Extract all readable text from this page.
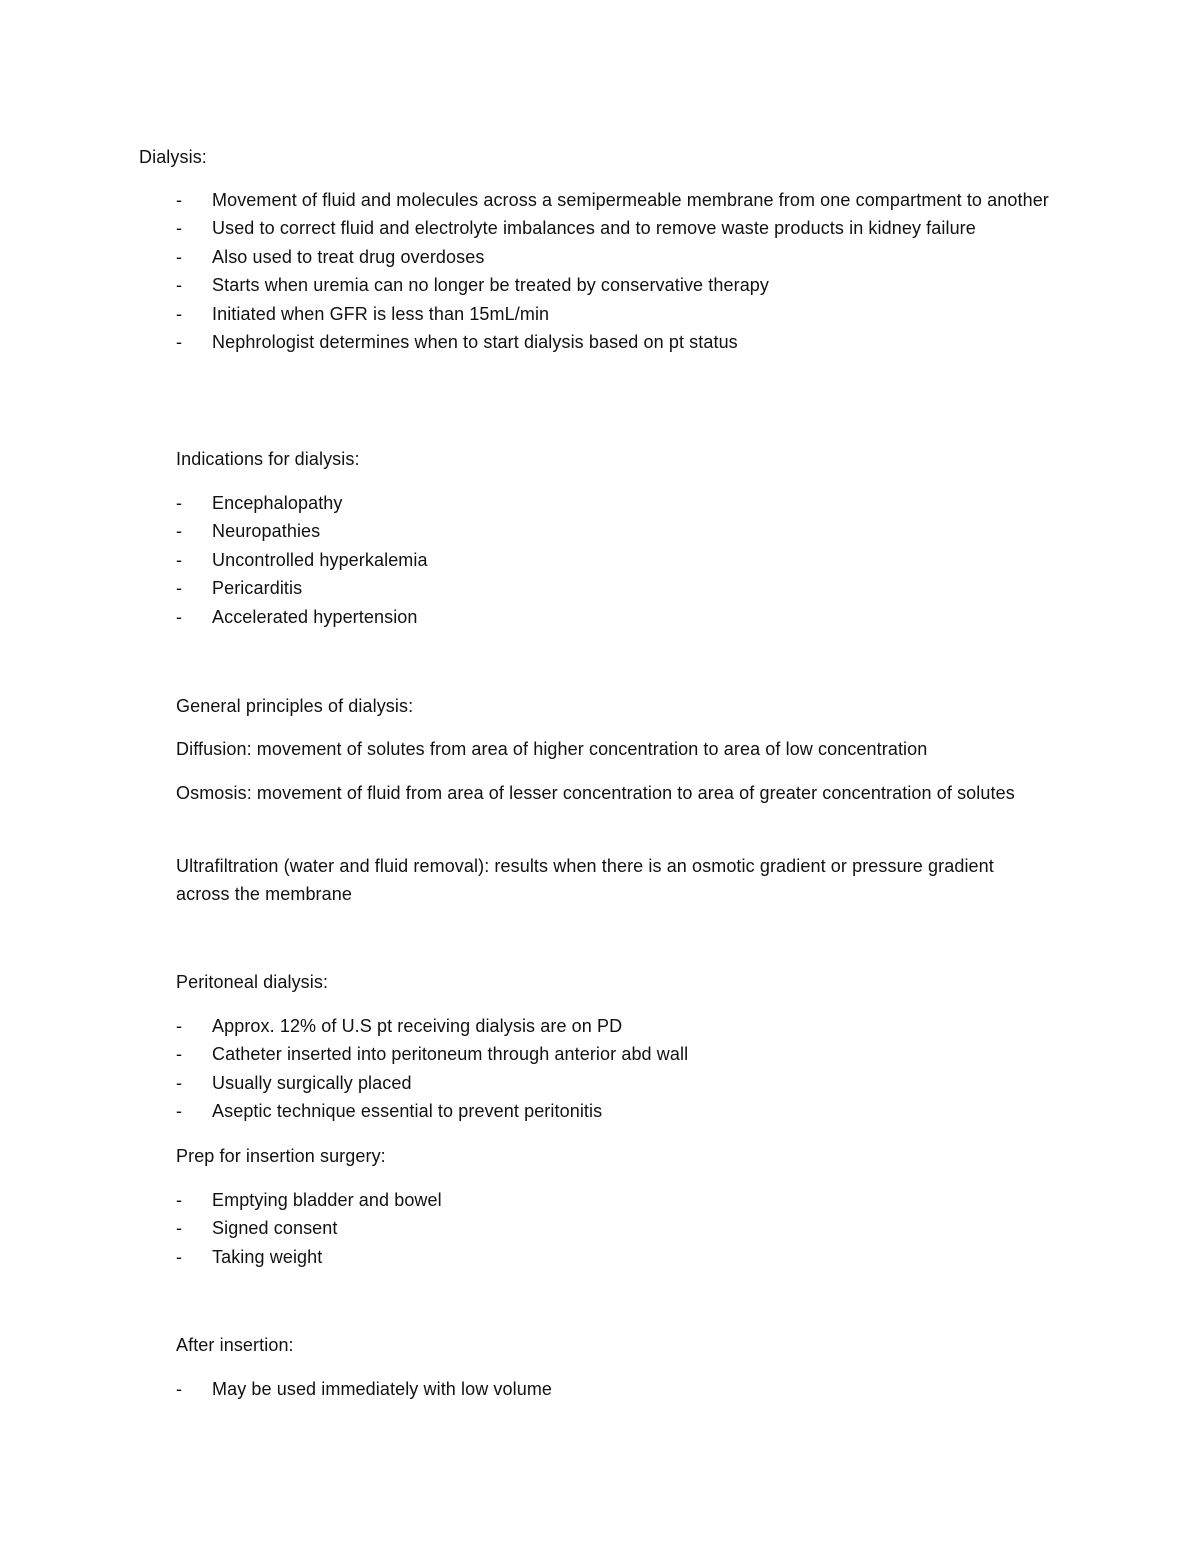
Dialysis:
- Movement of fluid and molecules across a semipermeable membrane from one compartment to another
- Used to correct fluid and electrolyte imbalances and to remove waste products in kidney failure
- Also used to treat drug overdoses
- Starts when uremia can no longer be treated by conservative therapy
- Initiated when GFR is less than 15mL/min
- Nephrologist determines when to start dialysis based on pt status
Indications for dialysis:
- Encephalopathy
- Neuropathies
- Uncontrolled hyperkalemia
- Pericarditis
- Accelerated hypertension
General principles of dialysis:

Diffusion: movement of solutes from area of higher concentration to area of low concentration

Osmosis: movement of fluid from area of lesser concentration to area of greater concentration of solutes

Ultrafiltration (water and fluid removal): results when there is an osmotic gradient or pressure gradient across the membrane

Peritoneal dialysis:
- Approx. 12% of U.S pt receiving dialysis are on PD
- Catheter inserted into peritoneum through anterior abd wall
- Usually surgically placed
- Aseptic technique essential to prevent peritonitis
Prep for insertion surgery:
- Emptying bladder and bowel
- Signed consent
- Taking weight
After insertion:
- May be used immediately with low volume
